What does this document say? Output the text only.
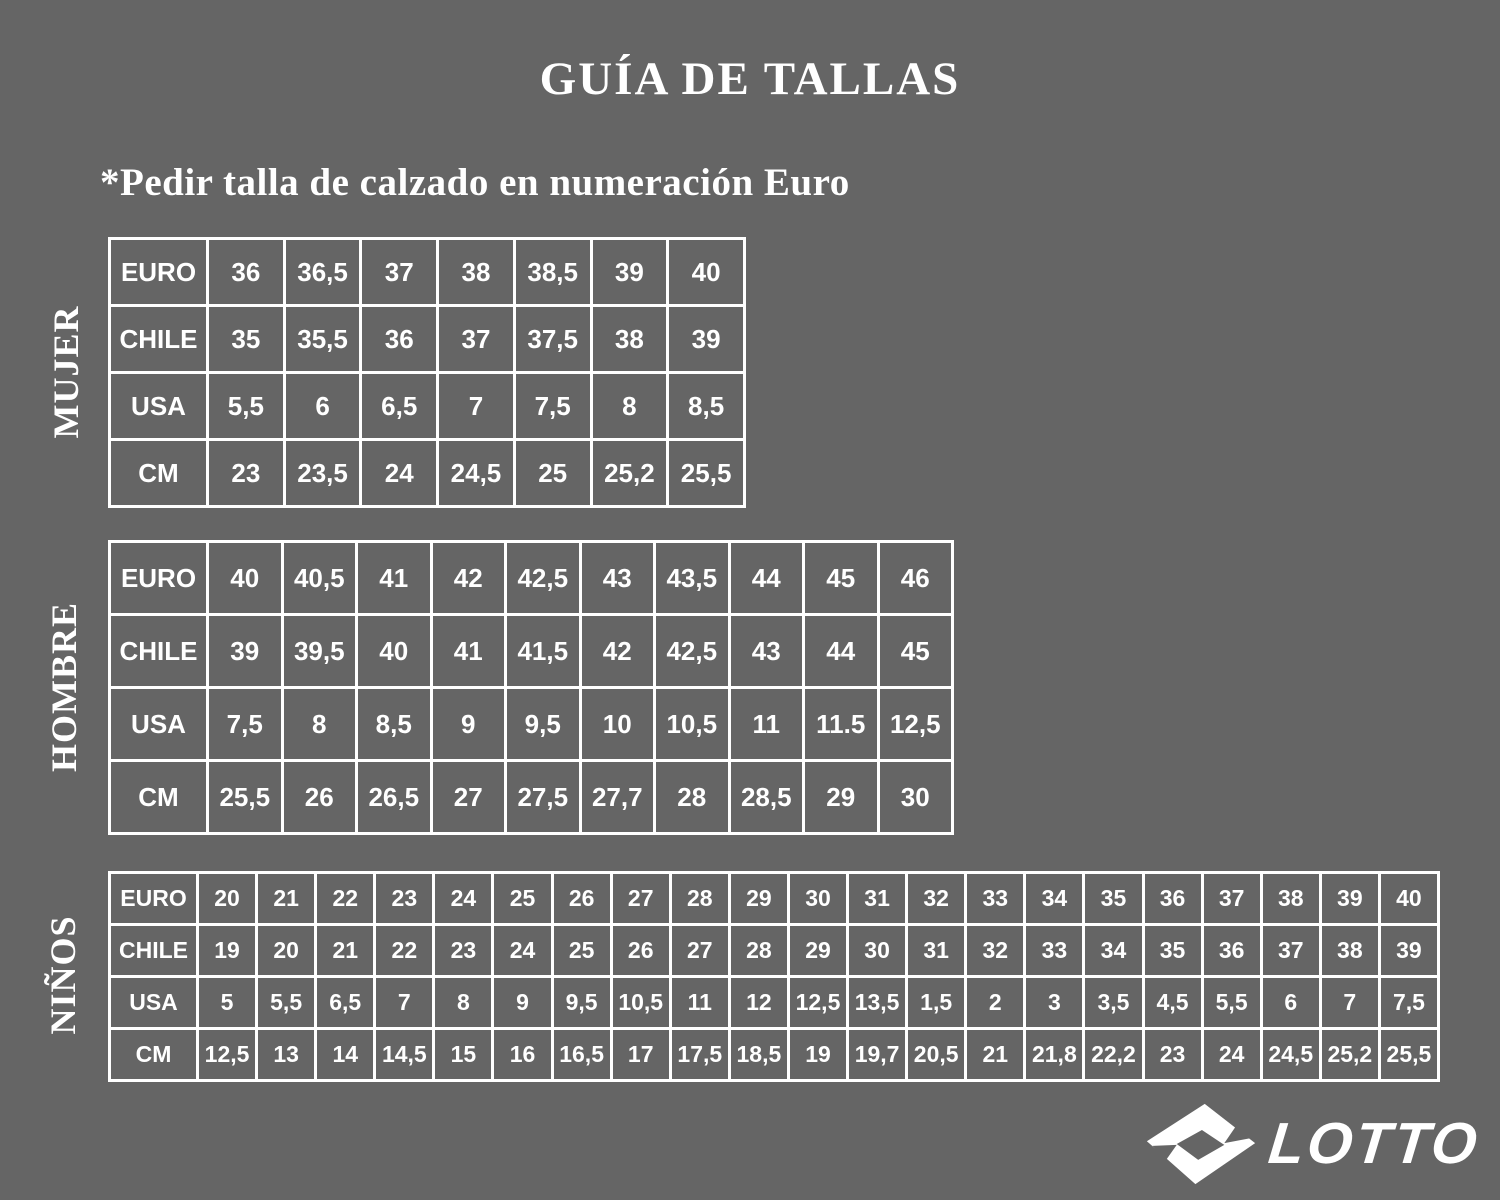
GUÍA DE TALLAS
*Pedir talla de calzado en numeración Euro
MUJER
EURO	36	36,5	37	38	38,5	39	40
CHILE	35	35,5	36	37	37,5	38	39
USA	5,5	6	6,5	7	7,5	8	8,5
CM	23	23,5	24	24,5	25	25,2	25,5
HOMBRE
EURO	40	40,5	41	42	42,5	43	43,5	44	45	46
CHILE	39	39,5	40	41	41,5	42	42,5	43	44	45
USA	7,5	8	8,5	9	9,5	10	10,5	11	11.5	12,5
CM	25,5	26	26,5	27	27,5	27,7	28	28,5	29	30
NIÑOS
EURO	20	21	22	23	24	25	26	27	28	29	30	31	32	33	34	35	36	37	38	39	40
CHILE	19	20	21	22	23	24	25	26	27	28	29	30	31	32	33	34	35	36	37	38	39
USA	5	5,5	6,5	7	8	9	9,5	10,5	11	12	12,5	13,5	1,5	2	3	3,5	4,5	5,5	6	7	7,5
CM	12,5	13	14	14,5	15	16	16,5	17	17,5	18,5	19	19,7	20,5	21	21,8	22,2	23	24	24,5	25,2	25,5
LOTTO
